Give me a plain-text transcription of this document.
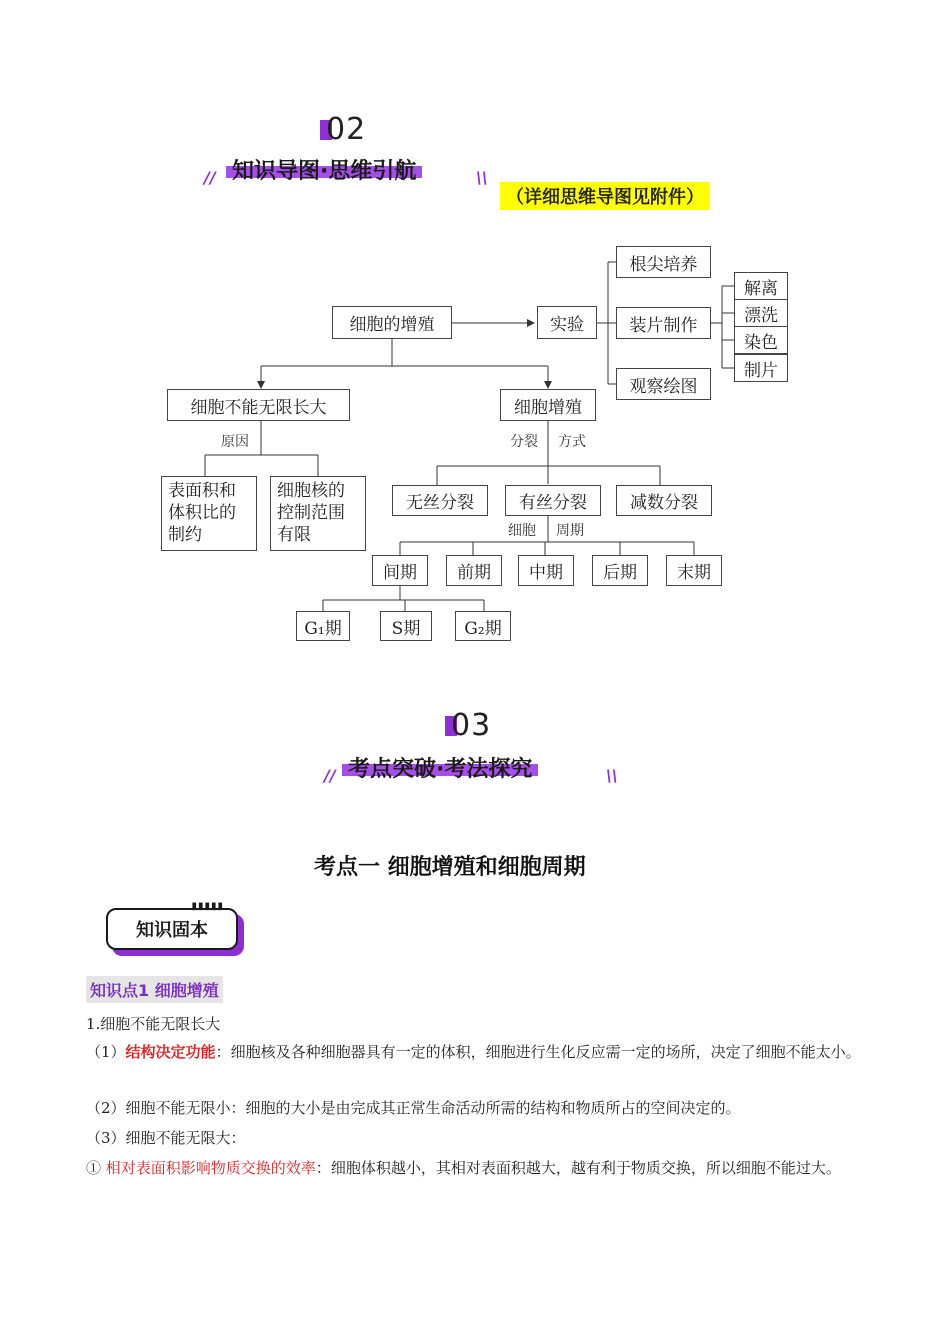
02
// 知识导图·思维引航	\\
（详细思维导图见附件）
细胞的增殖	实验
根尖培养
装片制作
观察绘图
解离
漂洗
染色
制片
细胞不能无限长大
原因
表面积和体积比的制约
细胞核的控制范围有限
细胞增殖
分裂 方式
无丝分裂	有丝分裂	减数分裂
细胞 周期
间期	前期	中期	后期	末期
G₁期	S期	G₂期
03
// 考点突破·考法探究	\\
考点一 细胞增殖和细胞周期
知识固本
▮▮▮▮▮
知识点1 细胞增殖
1.细胞不能无限长大
（1）结构决定功能：细胞核及各种细胞器具有一定的体积，细胞进行生化反应需一定的场所，决定了细胞不能太小。
（2）细胞不能无限小：细胞的大小是由完成其正常生命活动所需的结构和物质所占的空间决定的。
（3）细胞不能无限大：
① 相对表面积影响物质交换的效率：细胞体积越小，其相对表面积越大，越有利于物质交换，所以细胞不能过大。
